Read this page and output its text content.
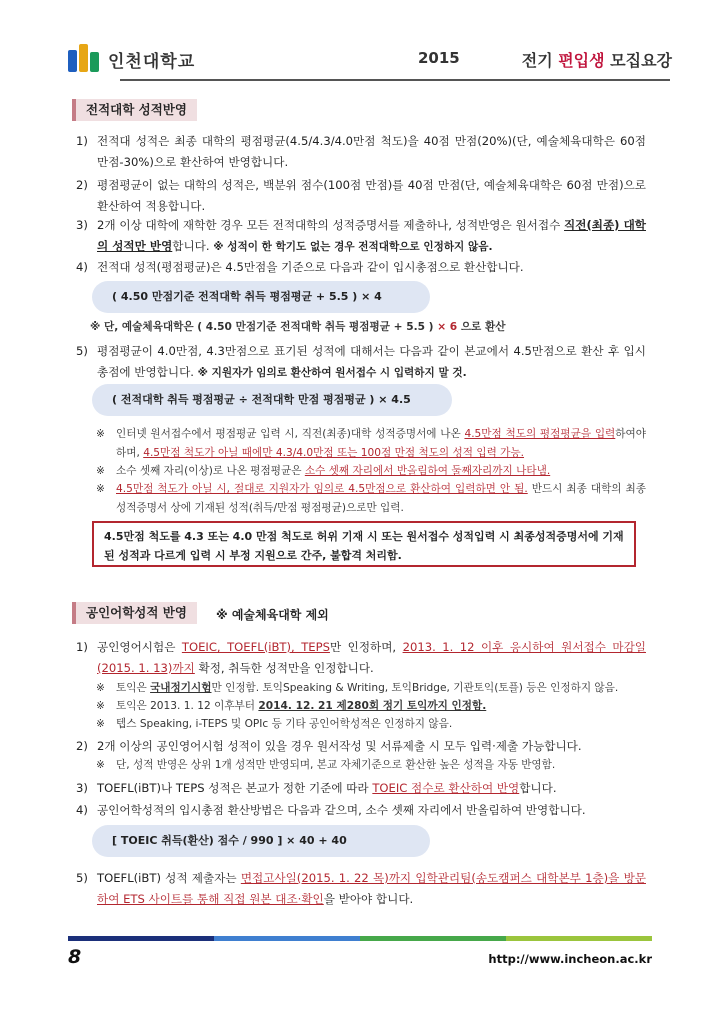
인천대학교	2015	전기 편입생 모집요강
전적대학 성적반영
1) 전적대 성적은 최종 대학의 평점평균(4.5/4.3/4.0만점 척도)을 40점 만점(20%)(단, 예술체육대학은 60점 만점-30%)으로 환산하여 반영합니다.
2) 평점평균이 없는 대학의 성적은, 백분위 점수(100점 만점)를 40점 만점(단, 예술체육대학은 60점 만점)으로 환산하여 적용합니다.
3) 2개 이상 대학에 재학한 경우 모든 전적대학의 성적증명서를 제출하나, 성적반영은 원서접수 직전(최종) 대학의 성적만 반영합니다. ※ 성적이 한 학기도 없는 경우 전적대학으로 인정하지 않음.
4) 전적대 성적(평점평균)은 4.5만점을 기준으로 다음과 같이 입시총점으로 환산합니다.
( 4.50 만점기준 전적대학 취득 평점평균 + 5.5 ) × 4
※ 단, 예술체육대학은 ( 4.50 만점기준 전적대학 취득 평점평균 + 5.5 ) × 6 으로 환산
5) 평점평균이 4.0만점, 4.3만점으로 표기된 성적에 대해서는 다음과 같이 본교에서 4.5만점으로 환산 후 입시총점에 반영합니다. ※ 지원자가 임의로 환산하여 원서접수 시 입력하지 말 것.
( 전적대학 취득 평점평균 ÷ 전적대학 만점 평점평균 ) × 4.5
※ 인터넷 원서접수에서 평점평균 입력 시, 직전(최종)대학 성적증명서에 나온 4.5만점 척도의 평점평균을 입력하여야 하며, 4.5만점 척도가 아닐 때에만 4.3/4.0만점 또는 100점 만점 척도의 성적 입력 가능.
※ 소수 셋째 자리(이상)로 나온 평점평균은 소수 셋째 자리에서 반올림하여 둘째자리까지 나타냄.
※ 4.5만점 척도가 아닐 시, 절대로 지원자가 임의로 4.5만점으로 환산하여 입력하면 안 됨. 반드시 최종 대학의 최종성적증명서 상에 기재된 성적(취득/만점 평점평균)으로만 입력.
4.5만점 척도를 4.3 또는 4.0 만점 척도로 허위 기재 시 또는 원서접수 성적입력 시 최종성적증명서에 기재된 성적과 다르게 입력 시 부정 지원으로 간주, 불합격 처리함.
공인어학성적 반영	※ 예술체육대학 제외
1) 공인영어시험은 TOEIC, TOEFL(iBT), TEPS만 인정하며, 2013. 1. 12 이후 응시하여 원서접수 마감일(2015. 1. 13)까지 확정, 취득한 성적만을 인정합니다.
※ 토익은 국내정기시험만 인정함. 토익Speaking & Writing, 토익Bridge, 기관토익(토플) 등은 인정하지 않음.
※ 토익은 2013. 1. 12 이후부터 2014. 12. 21 제280회 정기 토익까지 인정함.
※ 텝스 Speaking, i-TEPS 및 OPIc 등 기타 공인어학성적은 인정하지 않음.
2) 2개 이상의 공인영어시험 성적이 있을 경우 원서작성 및 서류제출 시 모두 입력·제출 가능합니다.
※ 단, 성적 반영은 상위 1개 성적만 반영되며, 본교 자체기준으로 환산한 높은 성적을 자동 반영함.
3) TOEFL(iBT)나 TEPS 성적은 본교가 정한 기준에 따라 TOEIC 점수로 환산하여 반영합니다.
4) 공인어학성적의 입시총점 환산방법은 다음과 같으며, 소수 셋째 자리에서 반올림하여 반영합니다.
[ TOEIC 취득(환산) 점수 / 990 ] × 40 + 40
5) TOEFL(iBT) 성적 제출자는 면접고사일(2015. 1. 22 목)까지 입학관리팀(송도캠퍼스 대학본부 1층)을 방문하여 ETS 사이트를 통해 직접 원본 대조·확인을 받아야 합니다.
8	http://www.incheon.ac.kr
